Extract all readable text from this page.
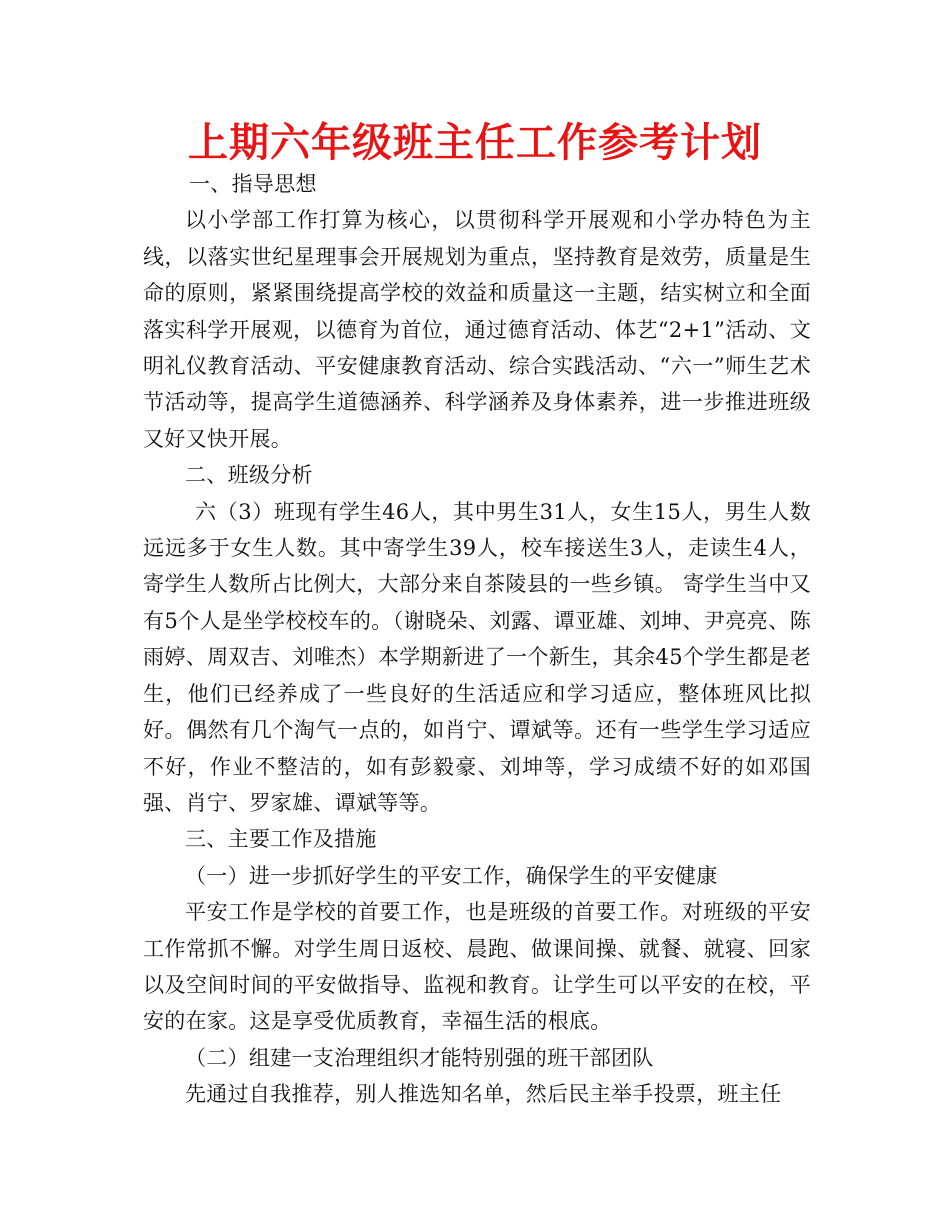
上期六年级班主任工作参考计划

一、指导思想

以小学部工作打算为核心，以贯彻科学开展观和小学办特色为主线，以落实世纪星理事会开展规划为重点，坚持教育是效劳，质量是生命的原则，紧紧围绕提高学校的效益和质量这一主题，结实树立和全面落实科学开展观，以德育为首位，通过德育活动、体艺“2+1”活动、文明礼仪教育活动、平安健康教育活动、综合实践活动、“六一”师生艺术节活动等，提高学生道德涵养、科学涵养及身体素养，进一步推进班级又好又快开展。

二、班级分析

六（3）班现有学生46人，其中男生31人，女生15人，男生人数远远多于女生人数。其中寄学生39人，校车接送生3人，走读生4人，寄学生人数所占比例大，大部分来自茶陵县的一些乡镇。 寄学生当中又有5个人是坐学校校车的。（谢晓朵、刘露、谭亚雄、刘坤、尹亮亮、陈雨婷、周双吉、刘唯杰）本学期新进了一个新生，其余45个学生都是老生，他们已经养成了一些良好的生活适应和学习适应，整体班风比拟好。偶然有几个淘气一点的，如肖宁、谭斌等。还有一些学生学习适应不好，作业不整洁的，如有彭毅豪、刘坤等，学习成绩不好的如邓国强、肖宁、罗家雄、谭斌等等。

三、主要工作及措施

（一）进一步抓好学生的平安工作，确保学生的平安健康

平安工作是学校的首要工作，也是班级的首要工作。对班级的平安工作常抓不懈。对学生周日返校、晨跑、做课间操、就餐、就寝、回家以及空间时间的平安做指导、监视和教育。让学生可以平安的在校，平安的在家。这是享受优质教育，幸福生活的根底。

（二）组建一支治理组织才能特别强的班干部团队

先通过自我推荐，别人推选知名单，然后民主举手投票，班主任
